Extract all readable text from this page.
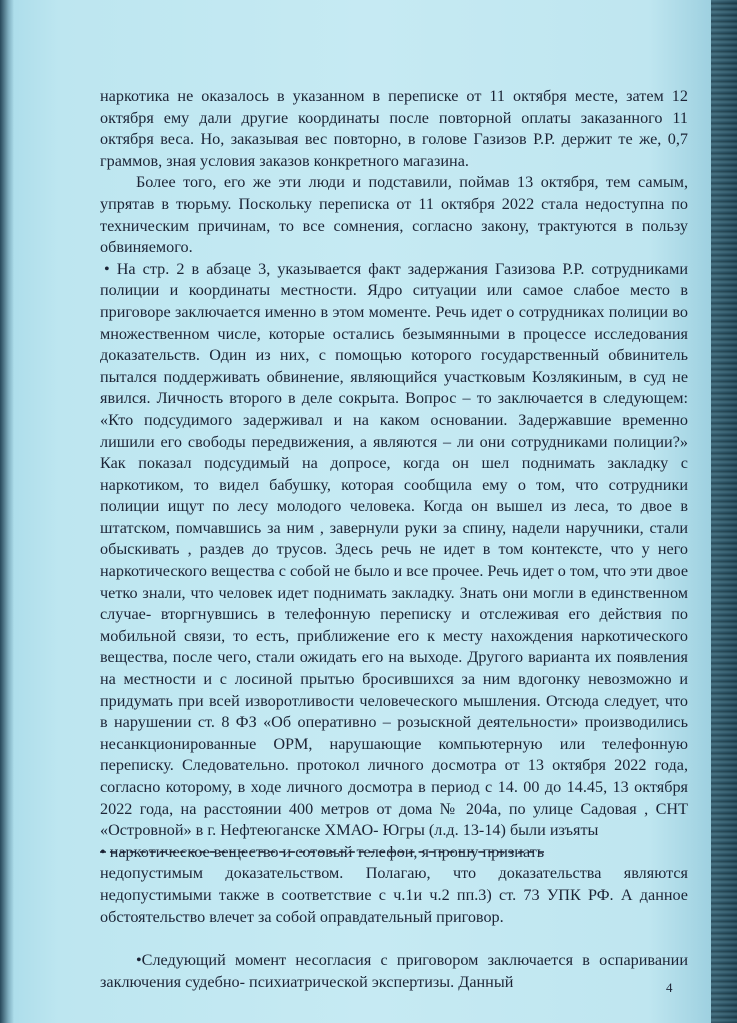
наркотика не оказалось в указанном в переписке от 11 октября месте, затем 12 октября ему дали другие координаты после повторной оплаты заказанного 11 октября веса. Но, заказывая вес повторно, в голове Газизов Р.Р. держит те же, 0,7 граммов, зная условия заказов конкретного магазина.

Более того, его же эти люди и подставили, поймав 13 октября, тем самым, упрятав в тюрьму. Поскольку переписка от 11 октября 2022 стала недоступна по техническим причинам, то все сомнения, согласно закону, трактуются в пользу обвиняемого.

• На стр. 2 в абзаце 3, указывается факт задержания Газизова Р.Р. сотрудниками полиции и координаты местности. Ядро ситуации или самое слабое место в приговоре заключается именно в этом моменте. Речь идет о сотрудниках полиции во множественном числе, которые остались безымянными в процессе исследования доказательств. Один из них, с помощью которого государственный обвинитель пытался поддерживать обвинение, являющийся участковым Козлякиным, в суд не явился. Личность второго в деле сокрыта. Вопрос – то заключается в следующем: «Кто подсудимого задерживал и на каком основании. Задержавшие временно лишили его свободы передвижения, а являются – ли они сотрудниками полиции?» Как показал подсудимый на допросе, когда он шел поднимать закладку с наркотиком, то видел бабушку, которая сообщила ему о том, что сотрудники полиции ищут по лесу молодого человека. Когда он вышел из леса, то двое в штатском, помчавшись за ним , завернули руки за спину, надели наручники, стали обыскивать , раздев до трусов. Здесь речь не идет в том контексте, что у него наркотического вещества с собой не было и все прочее. Речь идет о том, что эти двое четко знали, что человек идет поднимать закладку. Знать они могли в единственном случае- вторгнувшись в телефонную переписку и отслеживая его действия по мобильной связи, то есть, приближение его к месту нахождения наркотического вещества, после чего, стали ожидать его на выходе. Другого варианта их появления на местности и с лосиной прытью бросившихся за ним вдогонку невозможно и придумать при всей изворотливости человеческого мышления. Отсюда следует, что в нарушении ст. 8 ФЗ «Об оперативно – розыскной деятельности» производились несанкционированные ОРМ, нарушающие компьютерную или телефонную переписку. Следовательно. протокол личного досмотра от 13 октября 2022 года, согласно которому, в ходе личного досмотра в период с 14. 00 до 14.45, 13 октября 2022 года, на расстоянии 400 метров от дома № 204а, по улице Садовая , СНТ «Островной» в г. Нефтеюганске ХМАО- Югры (л.д. 13-14) были изъяты

• наркотическое вещество и сотовый телефон, я прошу признать

недопустимым доказательством. Полагаю, что доказательства являются недопустимыми также в соответствие с ч.1и ч.2 пп.3) ст. 73 УПК РФ. А данное обстоятельство влечет за собой оправдательный приговор.

•Следующий момент несогласия с приговором заключается в оспаривании заключения судебно- психиатрической экспертизы. Данный	4
